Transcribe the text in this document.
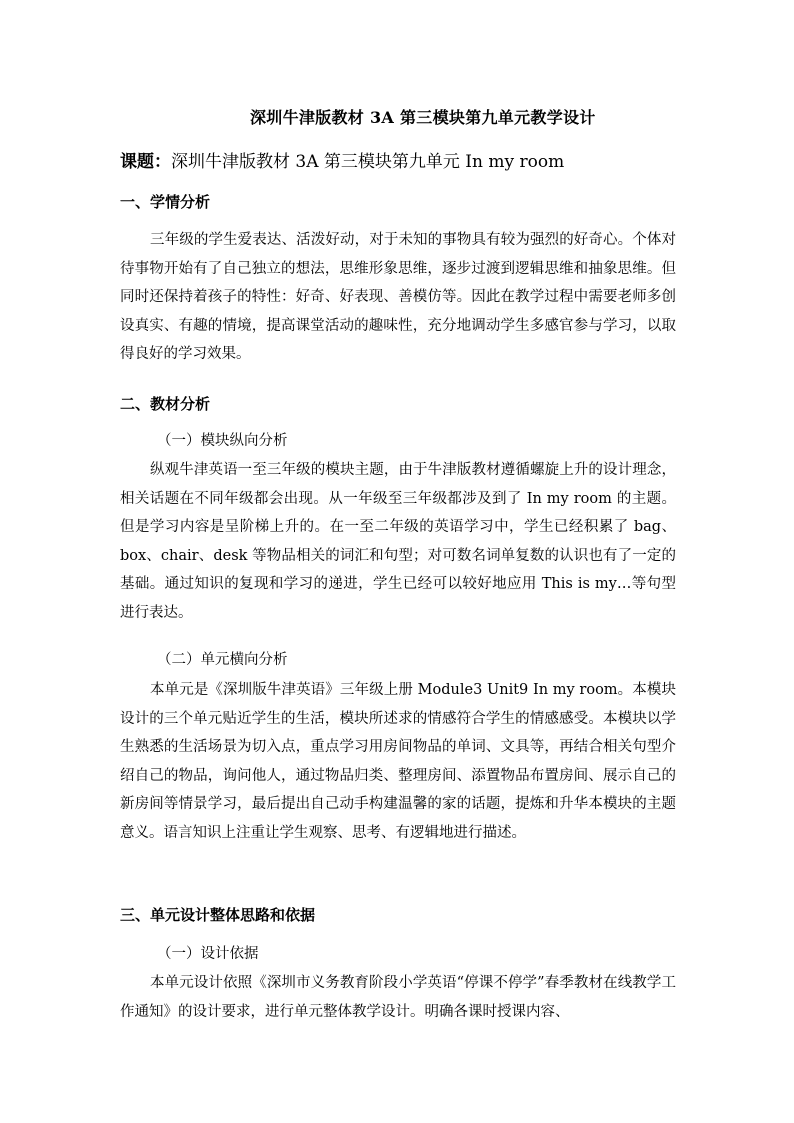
深圳牛津版教材 3A 第三模块第九单元教学设计
课题：深圳牛津版教材 3A 第三模块第九单元 In my room
一、学情分析

三年级的学生爱表达、活泼好动，对于未知的事物具有较为强烈的好奇心。个体对待事物开始有了自己独立的想法，思维形象思维，逐步过渡到逻辑思维和抽象思维。但同时还保持着孩子的特性：好奇、好表现、善模仿等。因此在教学过程中需要老师多创设真实、有趣的情境，提高课堂活动的趣味性，充分地调动学生多感官参与学习，以取得良好的学习效果。

二、教材分析
（一）模块纵向分析

纵观牛津英语一至三年级的模块主题，由于牛津版教材遵循螺旋上升的设计理念，相关话题在不同年级都会出现。从一年级至三年级都涉及到了 In my room 的主题。但是学习内容是呈阶梯上升的。在一至二年级的英语学习中，学生已经积累了 bag、box、chair、desk 等物品相关的词汇和句型；对可数名词单复数的认识也有了一定的基础。通过知识的复现和学习的递进，学生已经可以较好地应用 This is my…等句型进行表达。

（二）单元横向分析

本单元是《深圳版牛津英语》三年级上册 Module3 Unit9 In my room。本模块设计的三个单元贴近学生的生活，模块所述求的情感符合学生的情感感受。本模块以学生熟悉的生活场景为切入点，重点学习用房间物品的单词、文具等，再结合相关句型介绍自己的物品，询问他人，通过物品归类、整理房间、添置物品布置房间、展示自己的新房间等情景学习，最后提出自己动手构建温馨的家的话题，提炼和升华本模块的主题意义。语言知识上注重让学生观察、思考、有逻辑地进行描述。

三、单元设计整体思路和依据
（一）设计依据

本单元设计依照《深圳市义务教育阶段小学英语“停课不停学”春季教材在线教学工作通知》的设计要求，进行单元整体教学设计。明确各课时授课内容、
